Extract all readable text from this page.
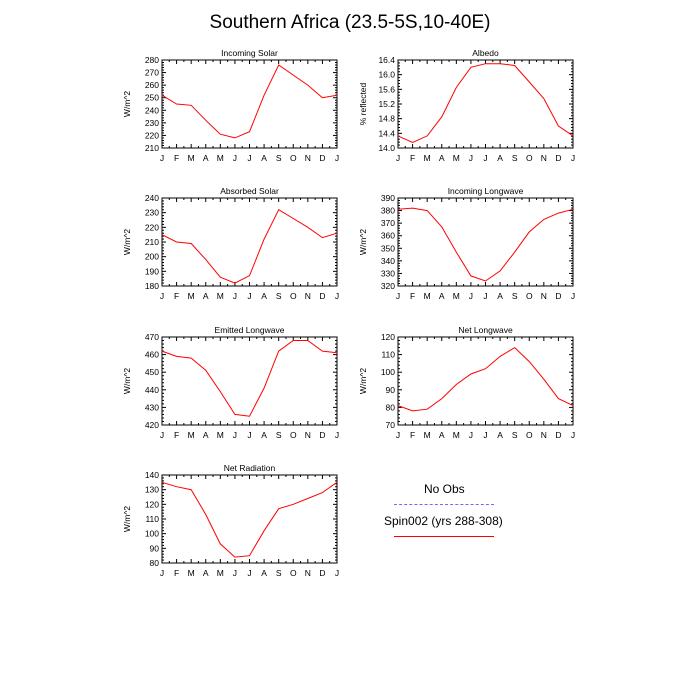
Southern Africa (23.5-5S,10-40E)
Incoming Solar
J F M A M J J A S O N D J
210
220
230
240
250
260
270
280
W/m^2
Albedo
J F M A M J J A S O N D J
14.0
14.4
14.8
15.2
15.6
16.0
16.4
% reflected
Absorbed Solar
J F M A M J J A S O N D J
180
190
200
210
220
230
240
W/m^2
Incoming Longwave
J F M A M J J A S O N D J
320
330
340
350
360
370
380
390
W/m^2
Emitted Longwave
J F M A M J J A S O N D J
420
430
440
450
460
470
W/m^2
Net Longwave
J F M A M J J A S O N D J
70
80
90
100
110
120
W/m^2
Net Radiation
J F M A M J J A S O N D J
80
90
100
110
120
130
140
W/m^2
No Obs
Spin002 (yrs 288-308)
